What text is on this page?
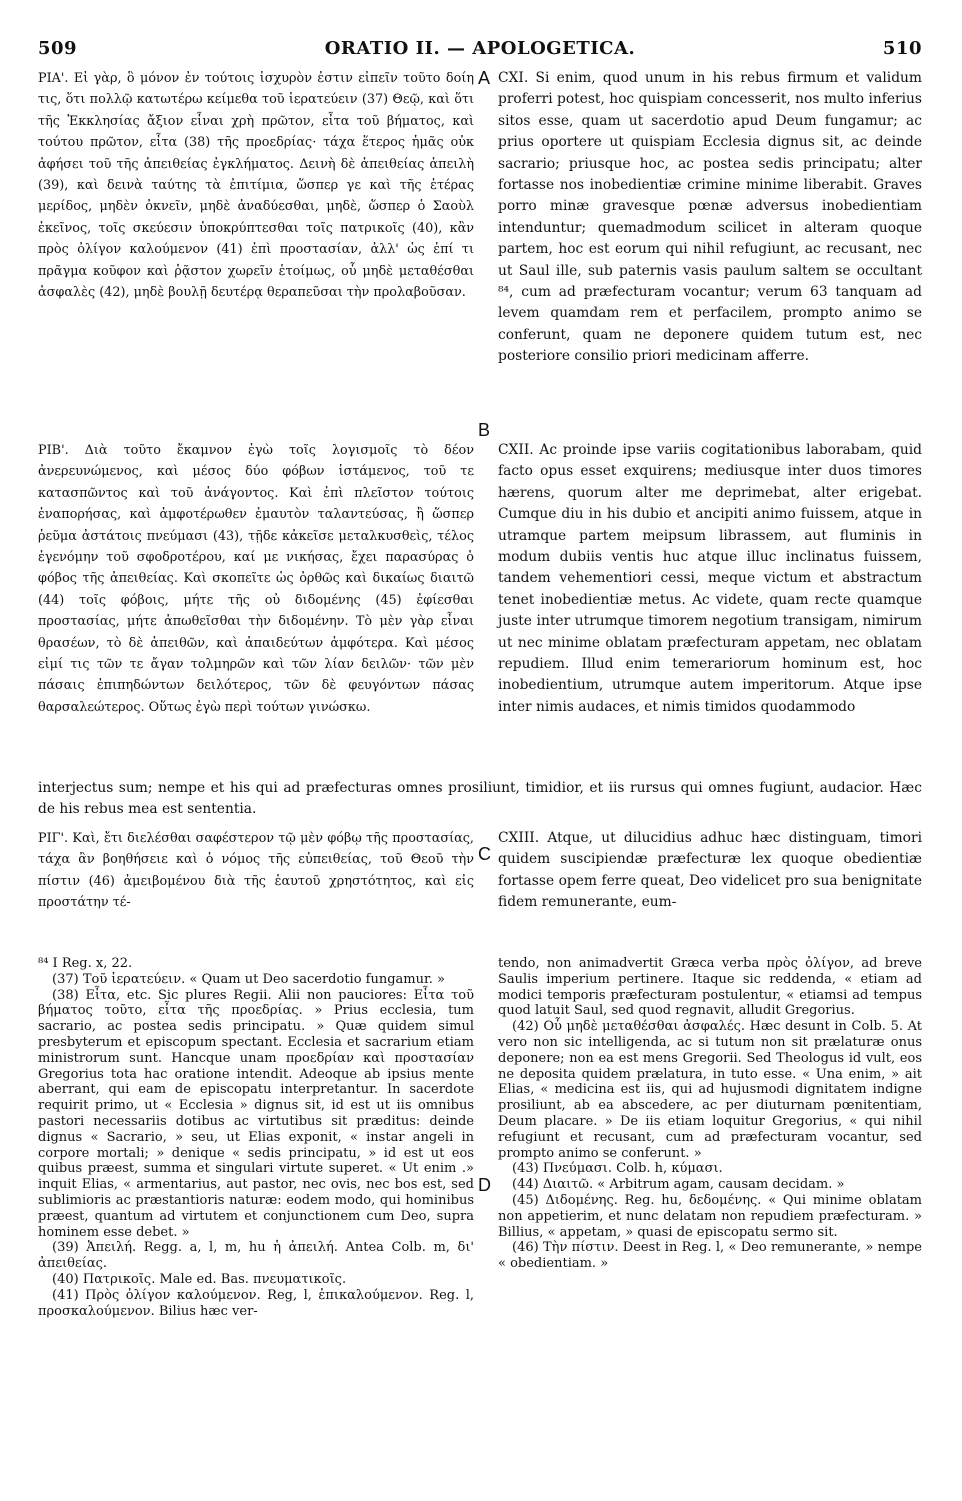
509	ORATIO II. — APOLOGETICA.	510

ΡΙΑ'. Εἰ γὰρ, ὃ μόνον ἐν τούτοις ἰσχυρὸν ἐστιν εἰπεῖν τοῦτο δοίη τις, ὅτι πολλῷ κατωτέρω κείμεθα τοῦ ἱερατεύειν (37) Θεῷ, καὶ ὅτι τῆς Ἐκκλησίας ἄξιον εἶναι χρὴ πρῶτον, εἶτα τοῦ βήματος, καὶ τούτου πρῶτον, εἶτα (38) τῆς προεδρίας· τάχα ἕτερος ἡμᾶς οὐκ ἀφήσει τοῦ τῆς ἀπειθείας ἐγκλήματος. Δεινὴ δὲ ἀπειθείας ἀπειλὴ (39), καὶ δεινὰ ταύτης τὰ ἐπιτίμια, ὥσπερ γε καὶ τῆς ἑτέρας μερίδος, μηδὲν ὀκνεῖν, μηδὲ ἀναδύεσθαι, μηδὲ, ὥσπερ ὁ Σαοὺλ ἐκεῖνος, τοῖς σκεύεσιν ὑποκρύπτεσθαι τοῖς πατρικοῖς (40), κἂν πρὸς ὀλίγον καλούμενον (41) ἐπὶ προστασίαν, ἀλλ' ὡς ἐπί τι πρᾶγμα κοῦφον καὶ ῥᾷστον χωρεῖν ἑτοίμως, οὗ μηδὲ μεταθέσθαι ἀσφαλὲς (42), μηδὲ βουλῇ δευτέρᾳ θεραπεῦσαι τὴν προλαβοῦσαν.

CXI. Si enim, quod unum in his rebus firmum et validum proferri potest, hoc quispiam concesserit, nos multo inferius sitos esse, quam ut sacerdotio apud Deum fungamur; ac prius oportere ut quispiam Ecclesia dignus sit, ac deinde sacrario; priusque hoc, ac postea sedis principatu; alter fortasse nos inobedientiæ crimine minime liberabit. Graves porro minæ gravesque pœnæ adversus inobedientiam intenduntur; quemadmodum scilicet in alteram quoque partem, hoc est eorum qui nihil refugiunt, ac recusant, nec ut Saul ille, sub paternis vasis paulum saltem se occultant ⁸⁴, cum ad præfecturam vocantur; verum 63 tanquam ad levem quamdam rem et perfacilem, prompto animo se conferunt, quam ne deponere quidem tutum est, nec posteriore consilio priori medicinam afferre.

A
B
C
D

ΡΙΒ'. Διὰ τοῦτο ἔκαμνον ἐγὼ τοῖς λογισμοῖς τὸ δέον ἀνερευνώμενος, καὶ μέσος δύο φόβων ἱστάμενος, τοῦ τε κατασπῶντος καὶ τοῦ ἀνάγοντος. Καὶ ἐπὶ πλεῖστον τούτοις ἐναπορήσας, καὶ ἀμφοτέρωθεν ἐμαυτὸν ταλαντεύσας, ἢ ὥσπερ ῥεῦμα ἀστάτοις πνεύμασι (43), τῇδε κἀκεῖσε μεταλκυσθεὶς, τέλος ἐγενόμην τοῦ σφοδροτέρου, καί με νικήσας, ἔχει παρασύρας ὁ φόβος τῆς ἀπειθείας. Καὶ σκοπεῖτε ὡς ὀρθῶς καὶ δικαίως διαιτῶ (44) τοῖς φόβοις, μήτε τῆς οὐ διδομένης (45) ἐφίεσθαι προστασίας, μήτε ἀπωθεῖσθαι τὴν διδομένην. Τὸ μὲν γὰρ εἶναι θρασέων, τὸ δὲ ἀπειθῶν, καὶ ἀπαιδεύτων ἀμφότερα. Καὶ μέσος εἰμί τις τῶν τε ἄγαν τολμηρῶν καὶ τῶν λίαν δειλῶν· τῶν μὲν πάσαις ἐπιπηδώντων δειλότερος, τῶν δὲ φευγόντων πάσας θαρσαλεώτερος. Οὕτως ἐγὼ περὶ τούτων γινώσκω.

CXII. Ac proinde ipse variis cogitationibus laborabam, quid facto opus esset exquirens; mediusque inter duos timores hærens, quorum alter me deprimebat, alter erigebat. Cumque diu in his dubio et ancipiti animo fuissem, atque in utramque partem meipsum librassem, aut fluminis in modum dubiis ventis huc atque illuc inclinatus fuissem, tandem vehementiori cessi, meque victum et abstractum tenet inobedientiæ metus. Ac videte, quam recte quamque juste inter utrumque timorem negotium transigam, nimirum ut nec minime oblatam præfecturam appetam, nec oblatam repudiem. Illud enim temerariorum hominum est, hoc inobedientium, utrumque autem imperitorum. Atque ipse inter nimis audaces, et nimis timidos quodammodo

interjectus sum; nempe et his qui ad præfecturas omnes prosiliunt, timidior, et iis rursus qui omnes fugiunt, audacior. Hæc de his rebus mea est sententia.

ΡΙΓ'. Καὶ, ἔτι διελέσθαι σαφέστερον τῷ μὲν φόβῳ τῆς προστασίας, τάχα ἂν βοηθήσειε καὶ ὁ νόμος τῆς εὐπειθείας, τοῦ Θεοῦ τὴν πίστιν (46) ἀμειβομένου διὰ τῆς ἑαυτοῦ χρηστότητος, καὶ εἰς προστάτην τέ-

CXIII. Atque, ut dilucidius adhuc hæc distinguam, timori quidem suscipiendæ præfecturæ lex quoque obedientiæ fortasse opem ferre queat, Deo videlicet pro sua benignitate fidem remunerante, eum-

⁸⁴ I Reg. x, 22.

(37) Τοῦ ἱερατεύειν. « Quam ut Deo sacerdotio fungamur. »

(38) Εἶτα, etc. Sic plures Regii. Alii non pauciores: Εἶτα τοῦ βήματος τοῦτο, εἶτα τῆς προεδρίας. » Prius ecclesia, tum sacrario, ac postea sedis principatu. » Quæ quidem simul presbyterum et episcopum spectant. Ecclesia et sacrarium etiam ministrorum sunt. Hancque unam προεδρίαν καὶ προστασίαν Gregorius tota hac oratione intendit. Adeoque ab ipsius mente aberrant, qui eam de episcopatu interpretantur. In sacerdote requirit primo, ut « Ecclesia » dignus sit, id est ut iis omnibus pastori necessariis dotibus ac virtutibus sit præditus: deinde dignus « Sacrario, » seu, ut Elias exponit, « instar angeli in corpore mortali; » denique « sedis principatu, » id est ut eos quibus præest, summa et singulari virtute superet. « Ut enim .» inquit Elias, « armentarius, aut pastor, nec ovis, nec bos est, sed sublimioris ac præstantioris naturæ: eodem modo, qui hominibus præest, quantum ad virtutem et conjunctionem cum Deo, supra hominem esse debet. »

(39) Ἀπειλή. Regg. a, l, m, hu ἡ ἀπειλή. Antea Colb. m, δι' ἀπειθείας.

(40) Πατρικοῖς. Male ed. Bas. πνευματικοῖς.

(41) Πρὸς ὀλίγον καλούμενον. Reg, l, ἐπικαλούμενον. Reg. l, προσκαλούμενον. Bilius hæc ver-

tendo, non animadvertit Græca verba πρὸς ὀλίγον, ad breve Saulis imperium pertinere. Itaque sic reddenda, « etiam ad modici temporis præfecturam postulentur, « etiamsi ad tempus quod latuit Saul, sed quod regnavit, alludit Gregorius.

(42) Οὗ μηδὲ μεταθέσθαι ἀσφαλές. Hæc desunt in Colb. 5. At vero non sic intelligenda, ac si tutum non sit prælaturæ onus deponere; non ea est mens Gregorii. Sed Theologus id vult, eos ne deposita quidem prælatura, in tuto esse. « Una enim, » ait Elias, « medicina est iis, qui ad hujusmodi dignitatem indigne prosiliunt, ab ea abscedere, ac per diuturnam pœnitentiam, Deum placare. » De iis etiam loquitur Gregorius, « qui nihil refugiunt et recusant, cum ad præfecturam vocantur, sed prompto animo se conferunt. »

(43) Πνεύμασι. Colb. h, κύμασι.

(44) Διαιτῶ. « Arbitrum agam, causam decidam. »

(45) Διδομένης. Reg. hu, δεδομένης. « Qui minime oblatam non appetierim, et nunc delatam non repudiem præfecturam. » Billius, « appetam, » quasi de episcopatu sermo sit.

(46) Τὴν πίστιν. Deest in Reg. l, « Deo remunerante, » nempe « obedientiam. »
